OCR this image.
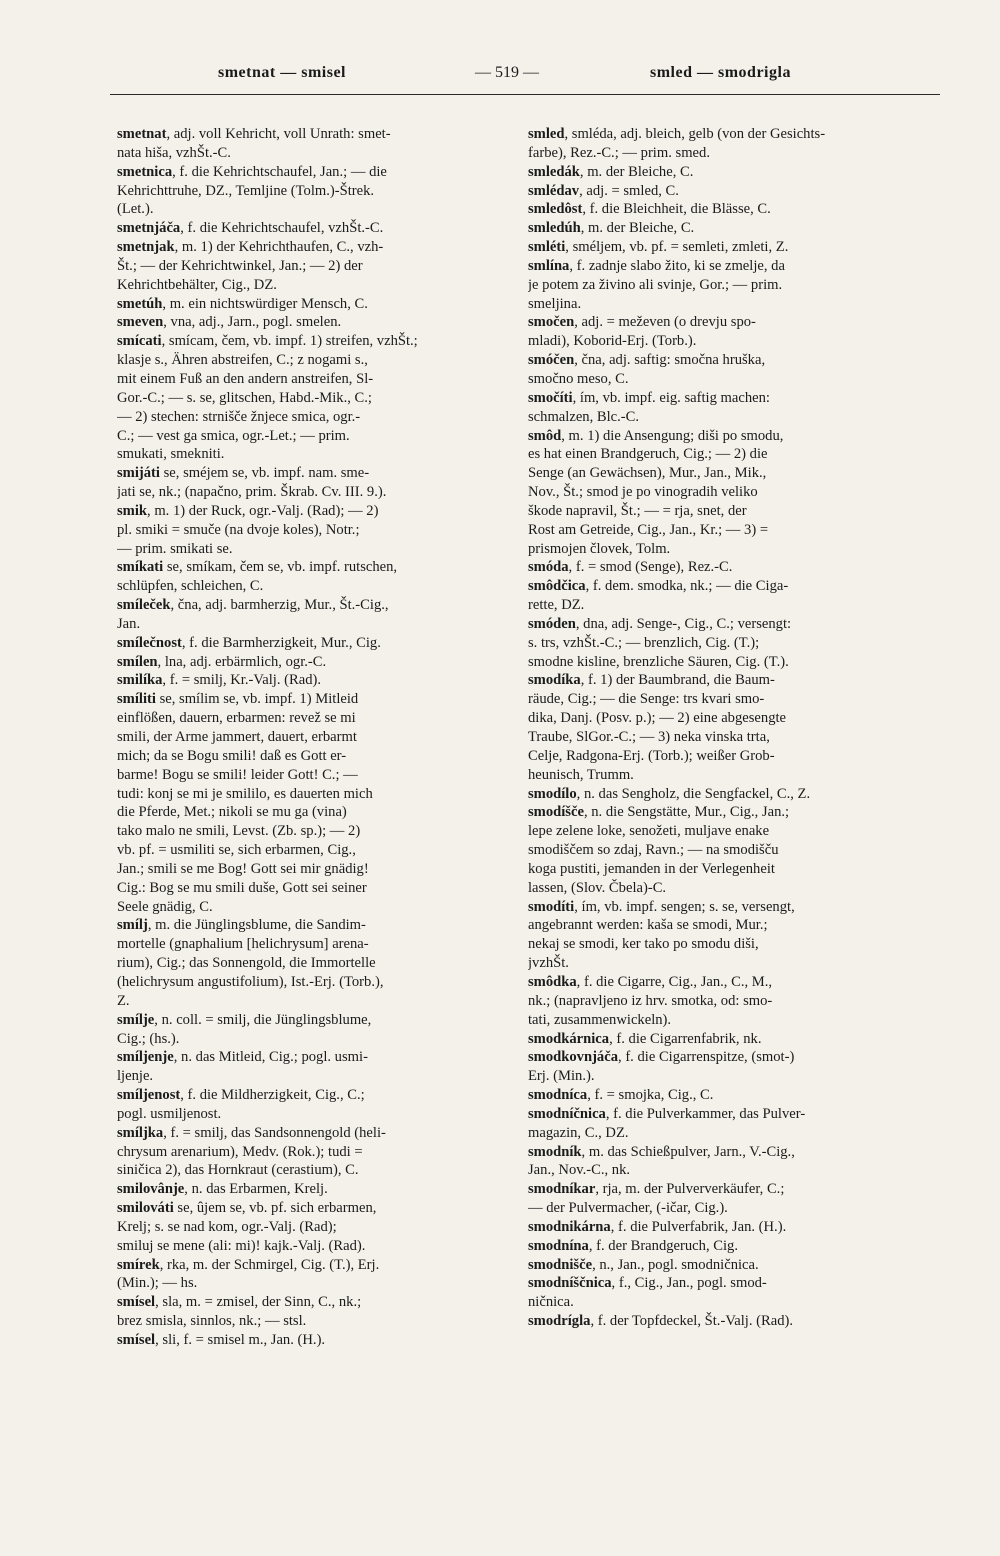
smetnat — smisel	— 519 —	smled — smodrigla
smetnat, adj. voll Kehricht, voll Unrath: smet-
nata hiša, vzhŠt.-C.
smetnica, f. die Kehrichtschaufel, Jan.; — die
Kehrichttruhe, DZ., Temljine (Tolm.)-Štrek.
(Let.).
smetnjáča, f. die Kehrichtschaufel, vzhŠt.-C.
smetnjak, m. 1) der Kehrichthaufen, C., vzh-
Št.; — der Kehrichtwinkel, Jan.; — 2) der
Kehrichtbehälter, Cig., DZ.
smetúh, m. ein nichtswürdiger Mensch, C.
smeven, vna, adj., Jarn., pogl. smelen.
smícati, smícam, čem, vb. impf. 1) streifen, vzhŠt.;
klasje s., Ähren abstreifen, C.; z nogami s.,
mit einem Fuß an den andern anstreifen, Sl-
Gor.-C.; — s. se, glitschen, Habd.-Mik., C.;
— 2) stechen: strnišče žnjece smica, ogr.-
C.; — vest ga smica, ogr.-Let.; — prim.
smukati, smekniti.
smijáti se, sméjem se, vb. impf. nam. sme-
jati se, nk.; (napačno, prim. Škrab. Cv. III. 9.).
smik, m. 1) der Ruck, ogr.-Valj. (Rad); — 2)
pl. smiki = smuče (na dvoje koles), Notr.;
— prim. smikati se.
smíkati se, smíkam, čem se, vb. impf. rutschen,
schlüpfen, schleichen, C.
smíleček, čna, adj. barmherzig, Mur., Št.-Cig.,
Jan.
smílečnost, f. die Barmherzigkeit, Mur., Cig.
smílen, lna, adj. erbärmlich, ogr.-C.
smilíka, f. = smilj, Kr.-Valj. (Rad).
smíliti se, smílim se, vb. impf. 1) Mitleid
einflößen, dauern, erbarmen: revež se mi
smili, der Arme jammert, dauert, erbarmt
mich; da se Bogu smili! daß es Gott er-
barme! Bogu se smili! leider Gott! C.; —
tudi: konj se mi je smililo, es dauerten mich
die Pferde, Met.; nikoli se mu ga (vina)
tako malo ne smili, Levst. (Zb. sp.); — 2)
vb. pf. = usmiliti se, sich erbarmen, Cig.,
Jan.; smili se me Bog! Gott sei mir gnädig!
Cig.: Bog se mu smili duše, Gott sei seiner
Seele gnädig, C.
smílj, m. die Jünglingsblume, die Sandim-
mortelle (gnaphalium [helichrysum] arena-
rium), Cig.; das Sonnengold, die Immortelle
(helichrysum angustifolium), Ist.-Erj. (Torb.),
Z.
smílje, n. coll. = smilj, die Jünglingsblume,
Cig.; (hs.).
smíljenje, n. das Mitleid, Cig.; pogl. usmi-
ljenje.
smíljenost, f. die Mildherzigkeit, Cig., C.;
pogl. usmiljenost.
smíljka, f. = smilj, das Sandsonnengold (heli-
chrysum arenarium), Medv. (Rok.); tudi =
siničica 2), das Hornkraut (cerastium), C.
smilovânje, n. das Erbarmen, Krelj.
smilováti se, ûjem se, vb. pf. sich erbarmen,
Krelj; s. se nad kom, ogr.-Valj. (Rad);
smiluj se mene (ali: mi)! kajk.-Valj. (Rad).
smírek, rka, m. der Schmirgel, Cig. (T.), Erj.
(Min.); — hs.
smísel, sla, m. = zmisel, der Sinn, C., nk.;
brez smisla, sinnlos, nk.; — stsl.
smísel, sli, f. = smisel m., Jan. (H.).
smled, smléda, adj. bleich, gelb (von der Gesichts-
farbe), Rez.-C.; — prim. smed.
smledák, m. der Bleiche, C.
smlédav, adj. = smled, C.
smledôst, f. die Bleichheit, die Blässe, C.
smledúh, m. der Bleiche, C.
smléti, sméljem, vb. pf. = semleti, zmleti, Z.
smlína, f. zadnje slabo žito, ki se zmelje, da
je potem za živino ali svinje, Gor.; — prim.
smeljina.
smočen, adj. = meževen (o drevju spo-
mladi), Koborid-Erj. (Torb.).
smóčen, čna, adj. saftig: smočna hruška,
smočno meso, C.
smočíti, ím, vb. impf. eig. saftig machen:
schmalzen, Blc.-C.
smôd, m. 1) die Ansengung; diši po smodu,
es hat einen Brandgeruch, Cig.; — 2) die
Senge (an Gewächsen), Mur., Jan., Mik.,
Nov., Št.; smod je po vinogradih veliko
škode napravil, Št.; — = rja, snet, der
Rost am Getreide, Cig., Jan., Kr.; — 3) =
prismojen človek, Tolm.
smóda, f. = smod (Senge), Rez.-C.
smôdčica, f. dem. smodka, nk.; — die Ciga-
rette, DZ.
smóden, dna, adj. Senge-, Cig., C.; versengt:
s. trs, vzhŠt.-C.; — brenzlich, Cig. (T.);
smodne kisline, brenzliche Säuren, Cig. (T.).
smodíka, f. 1) der Baumbrand, die Baum-
räude, Cig.; — die Senge: trs kvari smo-
dika, Danj. (Posv. p.); — 2) eine abgesengte
Traube, SlGor.-C.; — 3) neka vinska trta,
Celje, Radgona-Erj. (Torb.); weißer Grob-
heunisch, Trumm.
smodílo, n. das Sengholz, die Sengfackel, C., Z.
smodíšče, n. die Sengstätte, Mur., Cig., Jan.;
lepe zelene loke, senožeti, muljave enake
smodiščem so zdaj, Ravn.; — na smodišču
koga pustiti, jemanden in der Verlegenheit
lassen, (Slov. Čbela)-C.
smodíti, ím, vb. impf. sengen; s. se, versengt,
angebrannt werden: kaša se smodi, Mur.;
nekaj se smodi, ker tako po smodu diši,
jvzhŠt.
smôdka, f. die Cigarre, Cig., Jan., C., M.,
nk.; (napravljeno iz hrv. smotka, od: smo-
tati, zusammenwickeln).
smodkárnica, f. die Cigarrenfabrik, nk.
smodkovnjáča, f. die Cigarrenspitze, (smot-)
Erj. (Min.).
smodníca, f. = smojka, Cig., C.
smodníčnica, f. die Pulverkammer, das Pulver-
magazin, C., DZ.
smodník, m. das Schießpulver, Jarn., V.-Cig.,
Jan., Nov.-C., nk.
smodníkar, rja, m. der Pulververkäufer, C.;
— der Pulvermacher, (-ičar, Cig.).
smodnikárna, f. die Pulverfabrik, Jan. (H.).
smodnína, f. der Brandgeruch, Cig.
smodnišče, n., Jan., pogl. smodničnica.
smodníščnica, f., Cig., Jan., pogl. smod-
ničnica.
smodrígla, f. der Topfdeckel, Št.-Valj. (Rad).
